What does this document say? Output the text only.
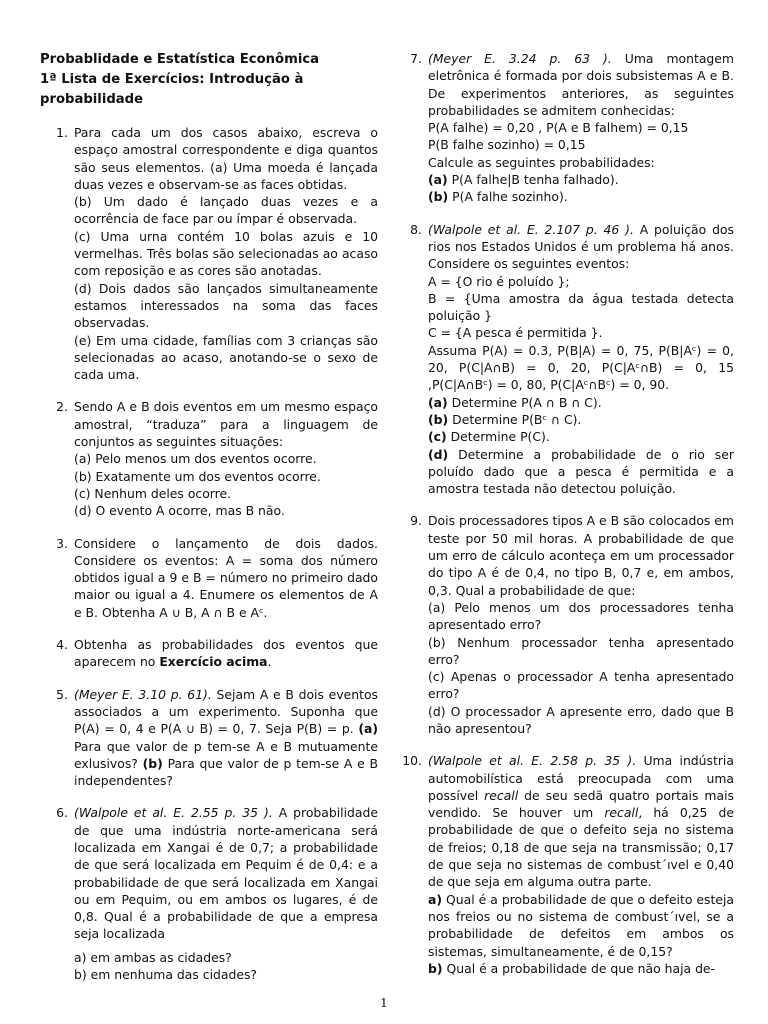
Probablidade e Estatística Econômica
1ª Lista de Exercícios: Introdução à
probabilidade
1. Para cada um dos casos abaixo, escreva o espaço amostral correspondente e diga quantos são seus elementos. (a) Uma moeda é lançada duas vezes e observam-se as faces obtidas.

(b) Um dado é lançado duas vezes e a ocorrência de face par ou ímpar é observada.

(c) Uma urna contém 10 bolas azuis e 10 vermelhas. Três bolas são selecionadas ao acaso com reposição e as cores são anotadas.

(d) Dois dados são lançados simultaneamente estamos interessados na soma das faces observadas.

(e) Em uma cidade, famílias com 3 crianças são selecionadas ao acaso, anotando-se o sexo de cada uma.

2. Sendo A e B dois eventos em um mesmo espaço amostral, “traduza” para a linguagem de conjuntos as seguintes situações:

(a) Pelo menos um dos eventos ocorre.

(b) Exatamente um dos eventos ocorre.

(c) Nenhum deles ocorre.

(d) O evento A ocorre, mas B não.

3. Considere o lançamento de dois dados. Considere os eventos: A = soma dos número obtidos igual a 9 e B = número no primeiro dado maior ou igual a 4. Enumere os elementos de A e B. Obtenha A ∪ B, A ∩ B e Aᶜ.

4. Obtenha as probabilidades dos eventos que aparecem no Exercício acima.

5. (Meyer E. 3.10 p. 61). Sejam A e B dois eventos associados a um experimento. Suponha que P(A) = 0, 4 e P(A ∪ B) = 0, 7. Seja P(B) = p. (a) Para que valor de p tem-se A e B mutuamente exlusivos? (b) Para que valor de p tem-se A e B independentes?

6. (Walpole et al. E. 2.55 p. 35 ). A probabilidade de que uma indústria norte-americana será localizada em Xangai é de 0,7; a probabilidade de que será localizada em Pequim é de 0,4: e a probabilidade de que será localizada em Xangai ou em Pequim, ou em ambos os lugares, é de 0,8. Qual é a probabilidade de que a empresa seja localizada

a) em ambas as cidades?

b) em nenhuma das cidades?

7. (Meyer E. 3.24 p. 63 ). Uma montagem eletrônica é formada por dois subsistemas A e B. De experimentos anteriores, as seguintes probabilidades se admitem conhecidas:

P(A falhe) = 0,20 , P(A e B falhem) = 0,15

P(B falhe sozinho) = 0,15

Calcule as seguintes probabilidades:

(a) P(A falhe|B tenha falhado).

(b) P(A falhe sozinho).

8. (Walpole et al. E. 2.107 p. 46 ). A poluição dos rios nos Estados Unidos é um problema há anos. Considere os seguintes eventos:

A = {O rio é poluído };

B = {Uma amostra da água testada detecta poluição }

C = {A pesca é permitida }.

Assuma P(A) = 0.3, P(B|A) = 0, 75, P(B|Aᶜ) = 0, 20, P(C|A∩B) = 0, 20, P(C|Aᶜ∩B) = 0, 15 ,P(C|A∩Bᶜ) = 0, 80, P(C|Aᶜ∩Bᶜ) = 0, 90.

(a) Determine P(A ∩ B ∩ C).

(b) Determine P(Bᶜ ∩ C).

(c) Determine P(C).

(d) Determine a probabilidade de o rio ser poluído dado que a pesca é permitida e a amostra testada não detectou poluição.

9. Dois processadores tipos A e B são colocados em teste por 50 mil horas. A probabilidade de que um erro de cálculo aconteça em um processador do tipo A é de 0,4, no tipo B, 0,7 e, em ambos, 0,3. Qual a probabilidade de que:

(a) Pelo menos um dos processadores tenha apresentado erro?

(b) Nenhum processador tenha apresentado erro?

(c) Apenas o processador A tenha apresentado erro?

(d) O processador A apresente erro, dado que B não apresentou?

10. (Walpole et al. E. 2.58 p. 35 ). Uma indústria automobilística está preocupada com uma possível recall de seu sedã quatro portais mais vendido. Se houver um recall, há 0,25 de probabilidade de que o defeito seja no sistema de freios; 0,18 de que seja na transmissão; 0,17 de que seja no sistemas de combust´ıvel e 0,40 de que seja em alguma outra parte.

a) Qual é a probabilidade de que o defeito esteja nos freios ou no sistema de combust´ıvel, se a probabilidade de defeitos em ambos os sistemas, simultaneamente, é de 0,15?

b) Qual é a probabilidade de que não haja de-

1
